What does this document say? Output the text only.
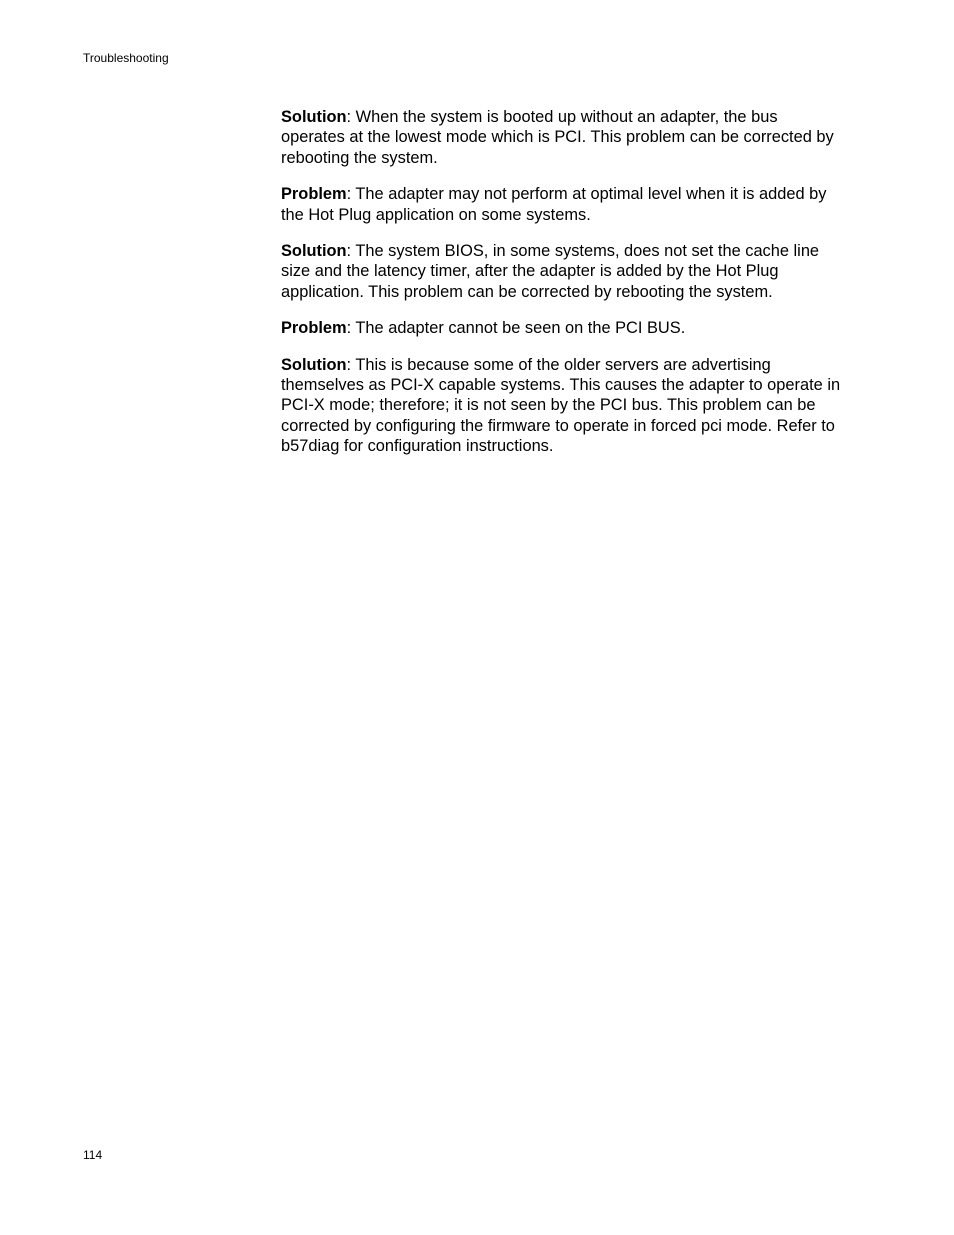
Troubleshooting

Solution: When the system is booted up without an adapter, the bus operates at the lowest mode which is PCI. This problem can be corrected by rebooting the system.

Problem: The adapter may not perform at optimal level when it is added by the Hot Plug application on some systems.

Solution: The system BIOS, in some systems, does not set the cache line size and the latency timer, after the adapter is added by the Hot Plug application. This problem can be corrected by rebooting the system.

Problem: The adapter cannot be seen on the PCI BUS.

Solution: This is because some of the older servers are advertising themselves as PCI-X capable systems. This causes the adapter to operate in PCI-X mode; therefore; it is not seen by the PCI bus. This problem can be corrected by configuring the firmware to operate in forced pci mode. Refer to b57diag for configuration instructions.

114
